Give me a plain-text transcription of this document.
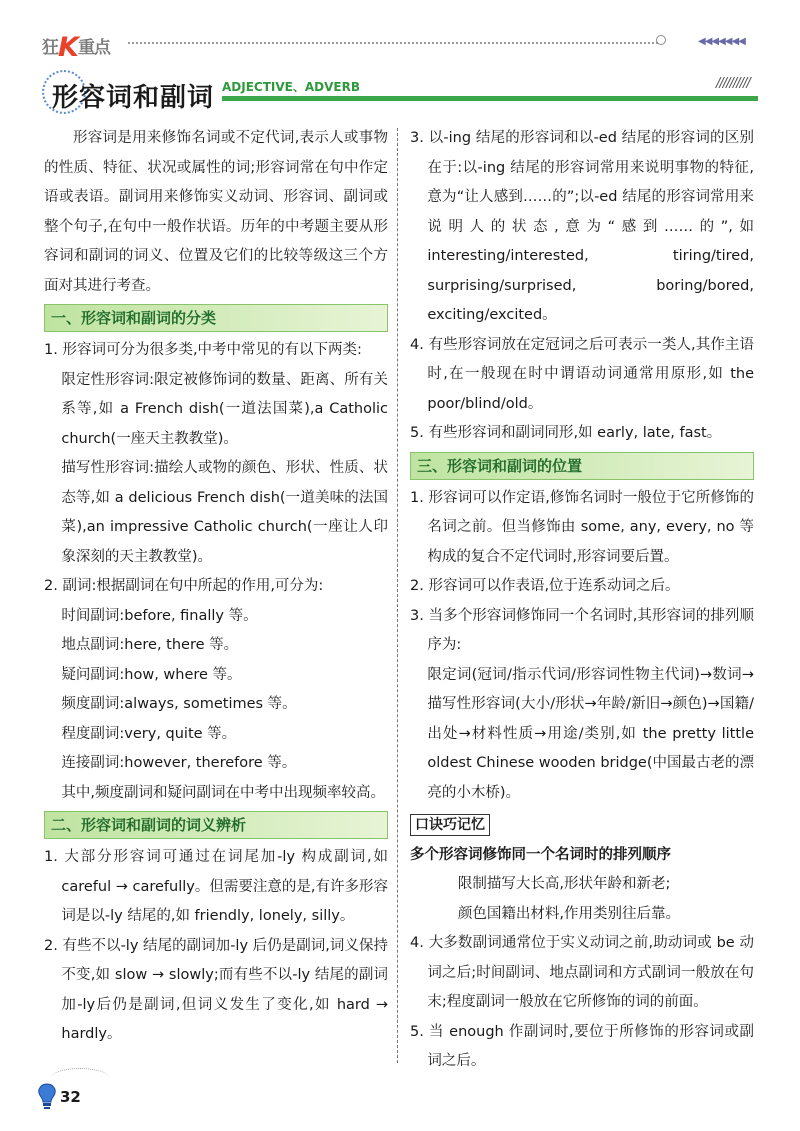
狂K重点	◀◀◀◀◀◀◀
形容词和副词 ADJECTIVE、ADVERB	//////////

形容词是用来修饰名词或不定代词,表示人或事物的性质、特征、状况或属性的词;形容词常在句中作定语或表语。副词用来修饰实义动词、形容词、副词或整个句子,在句中一般作状语。历年的中考题主要从形容词和副词的词义、位置及它们的比较等级这三个方面对其进行考查。

一、形容词和副词的分类

1. 形容词可分为很多类,中考中常见的有以下两类:

限定性形容词:限定被修饰词的数量、距离、所有关系等,如 a French dish(一道法国菜),a Catholic church(一座天主教教堂)。

描写性形容词:描绘人或物的颜色、形状、性质、状态等,如 a delicious French dish(一道美味的法国菜),an impressive Catholic church(一座让人印象深刻的天主教教堂)。

2. 副词:根据副词在句中所起的作用,可分为:

时间副词:before, finally 等。

地点副词:here, there 等。

疑问副词:how, where 等。

频度副词:always, sometimes 等。

程度副词:very, quite 等。

连接副词:however, therefore 等。

其中,频度副词和疑问副词在中考中出现频率较高。

二、形容词和副词的词义辨析

1. 大部分形容词可通过在词尾加-ly 构成副词,如 careful → carefully。但需要注意的是,有许多形容词是以-ly 结尾的,如 friendly, lonely, silly。

2. 有些不以-ly 结尾的副词加-ly 后仍是副词,词义保持不变,如 slow → slowly;而有些不以-ly 结尾的副词加-ly后仍是副词,但词义发生了变化,如 hard → hardly。

3. 以-ing 结尾的形容词和以-ed 结尾的形容词的区别在于:以-ing 结尾的形容词常用来说明事物的特征,意为“让人感到……的”;以-ed 结尾的形容词常用来说明人的状态,意为“感到……的”,如 interesting/interested, tiring/tired, surprising/surprised, boring/bored, exciting/excited。

4. 有些形容词放在定冠词之后可表示一类人,其作主语时,在一般现在时中谓语动词通常用原形,如 the poor/blind/old。

5. 有些形容词和副词同形,如 early, late, fast。

三、形容词和副词的位置

1. 形容词可以作定语,修饰名词时一般位于它所修饰的名词之前。但当修饰由 some, any, every, no 等构成的复合不定代词时,形容词要后置。

2. 形容词可以作表语,位于连系动词之后。

3. 当多个形容词修饰同一个名词时,其形容词的排列顺序为:

限定词(冠词/指示代词/形容词性物主代词)→数词→描写性形容词(大小/形状→年龄/新旧→颜色)→国籍/出处→材料性质→用途/类别,如 the pretty little oldest Chinese wooden bridge(中国最古老的漂亮的小木桥)。

口诀巧记忆

多个形容词修饰同一个名词时的排列顺序

限制描写大长高,形状年龄和新老;

颜色国籍出材料,作用类别往后靠。

4. 大多数副词通常位于实义动词之前,助动词或 be 动词之后;时间副词、地点副词和方式副词一般放在句末;程度副词一般放在它所修饰的词的前面。

5. 当 enough 作副词时,要位于所修饰的形容词或副词之后。

32
